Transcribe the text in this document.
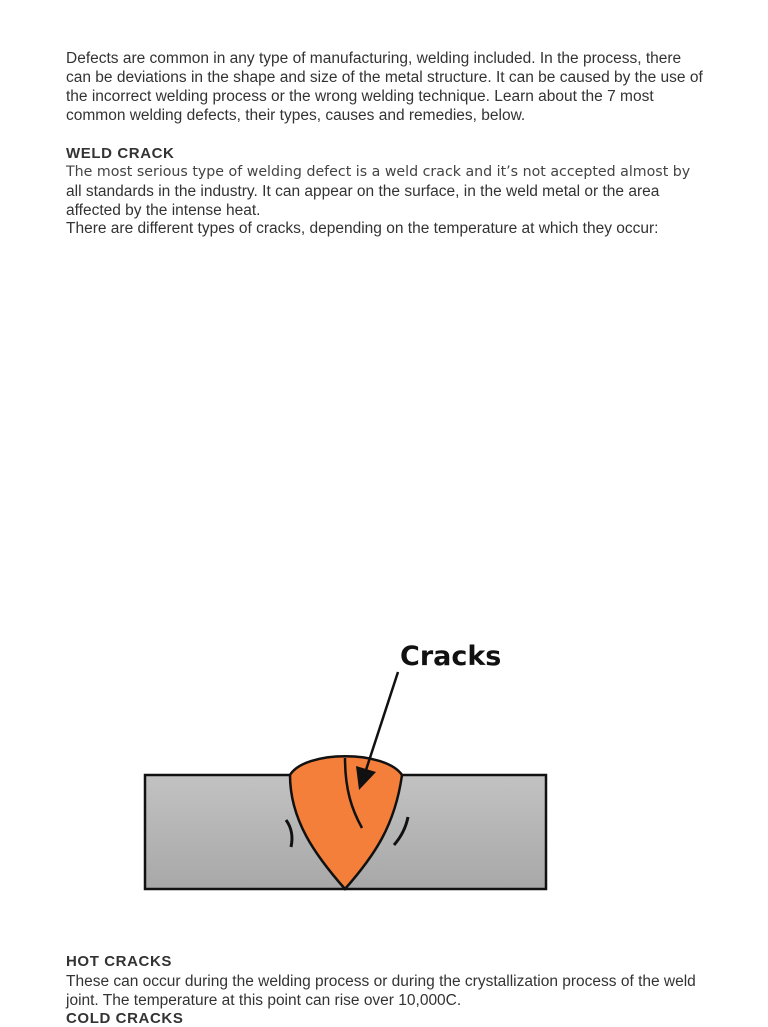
Defects are common in any type of manufacturing, welding included. In the process, there can be deviations in the shape and size of the metal structure. It can be caused by the use of the incorrect welding process or the wrong welding technique. Learn about the 7 most common welding defects, their types, causes and remedies, below.

WELD CRACK

The most serious type of welding defect is a weld crack and it’s not accepted almost by all standards in the industry. It can appear on the surface, in the weld metal or the area affected by the intense heat.

There are different types of cracks, depending on the temperature at which they occur:

Cracks
HOT CRACKS

These can occur during the welding process or during the crystallization process of the weld joint. The temperature at this point can rise over 10,000C.

COLD CRACKS
